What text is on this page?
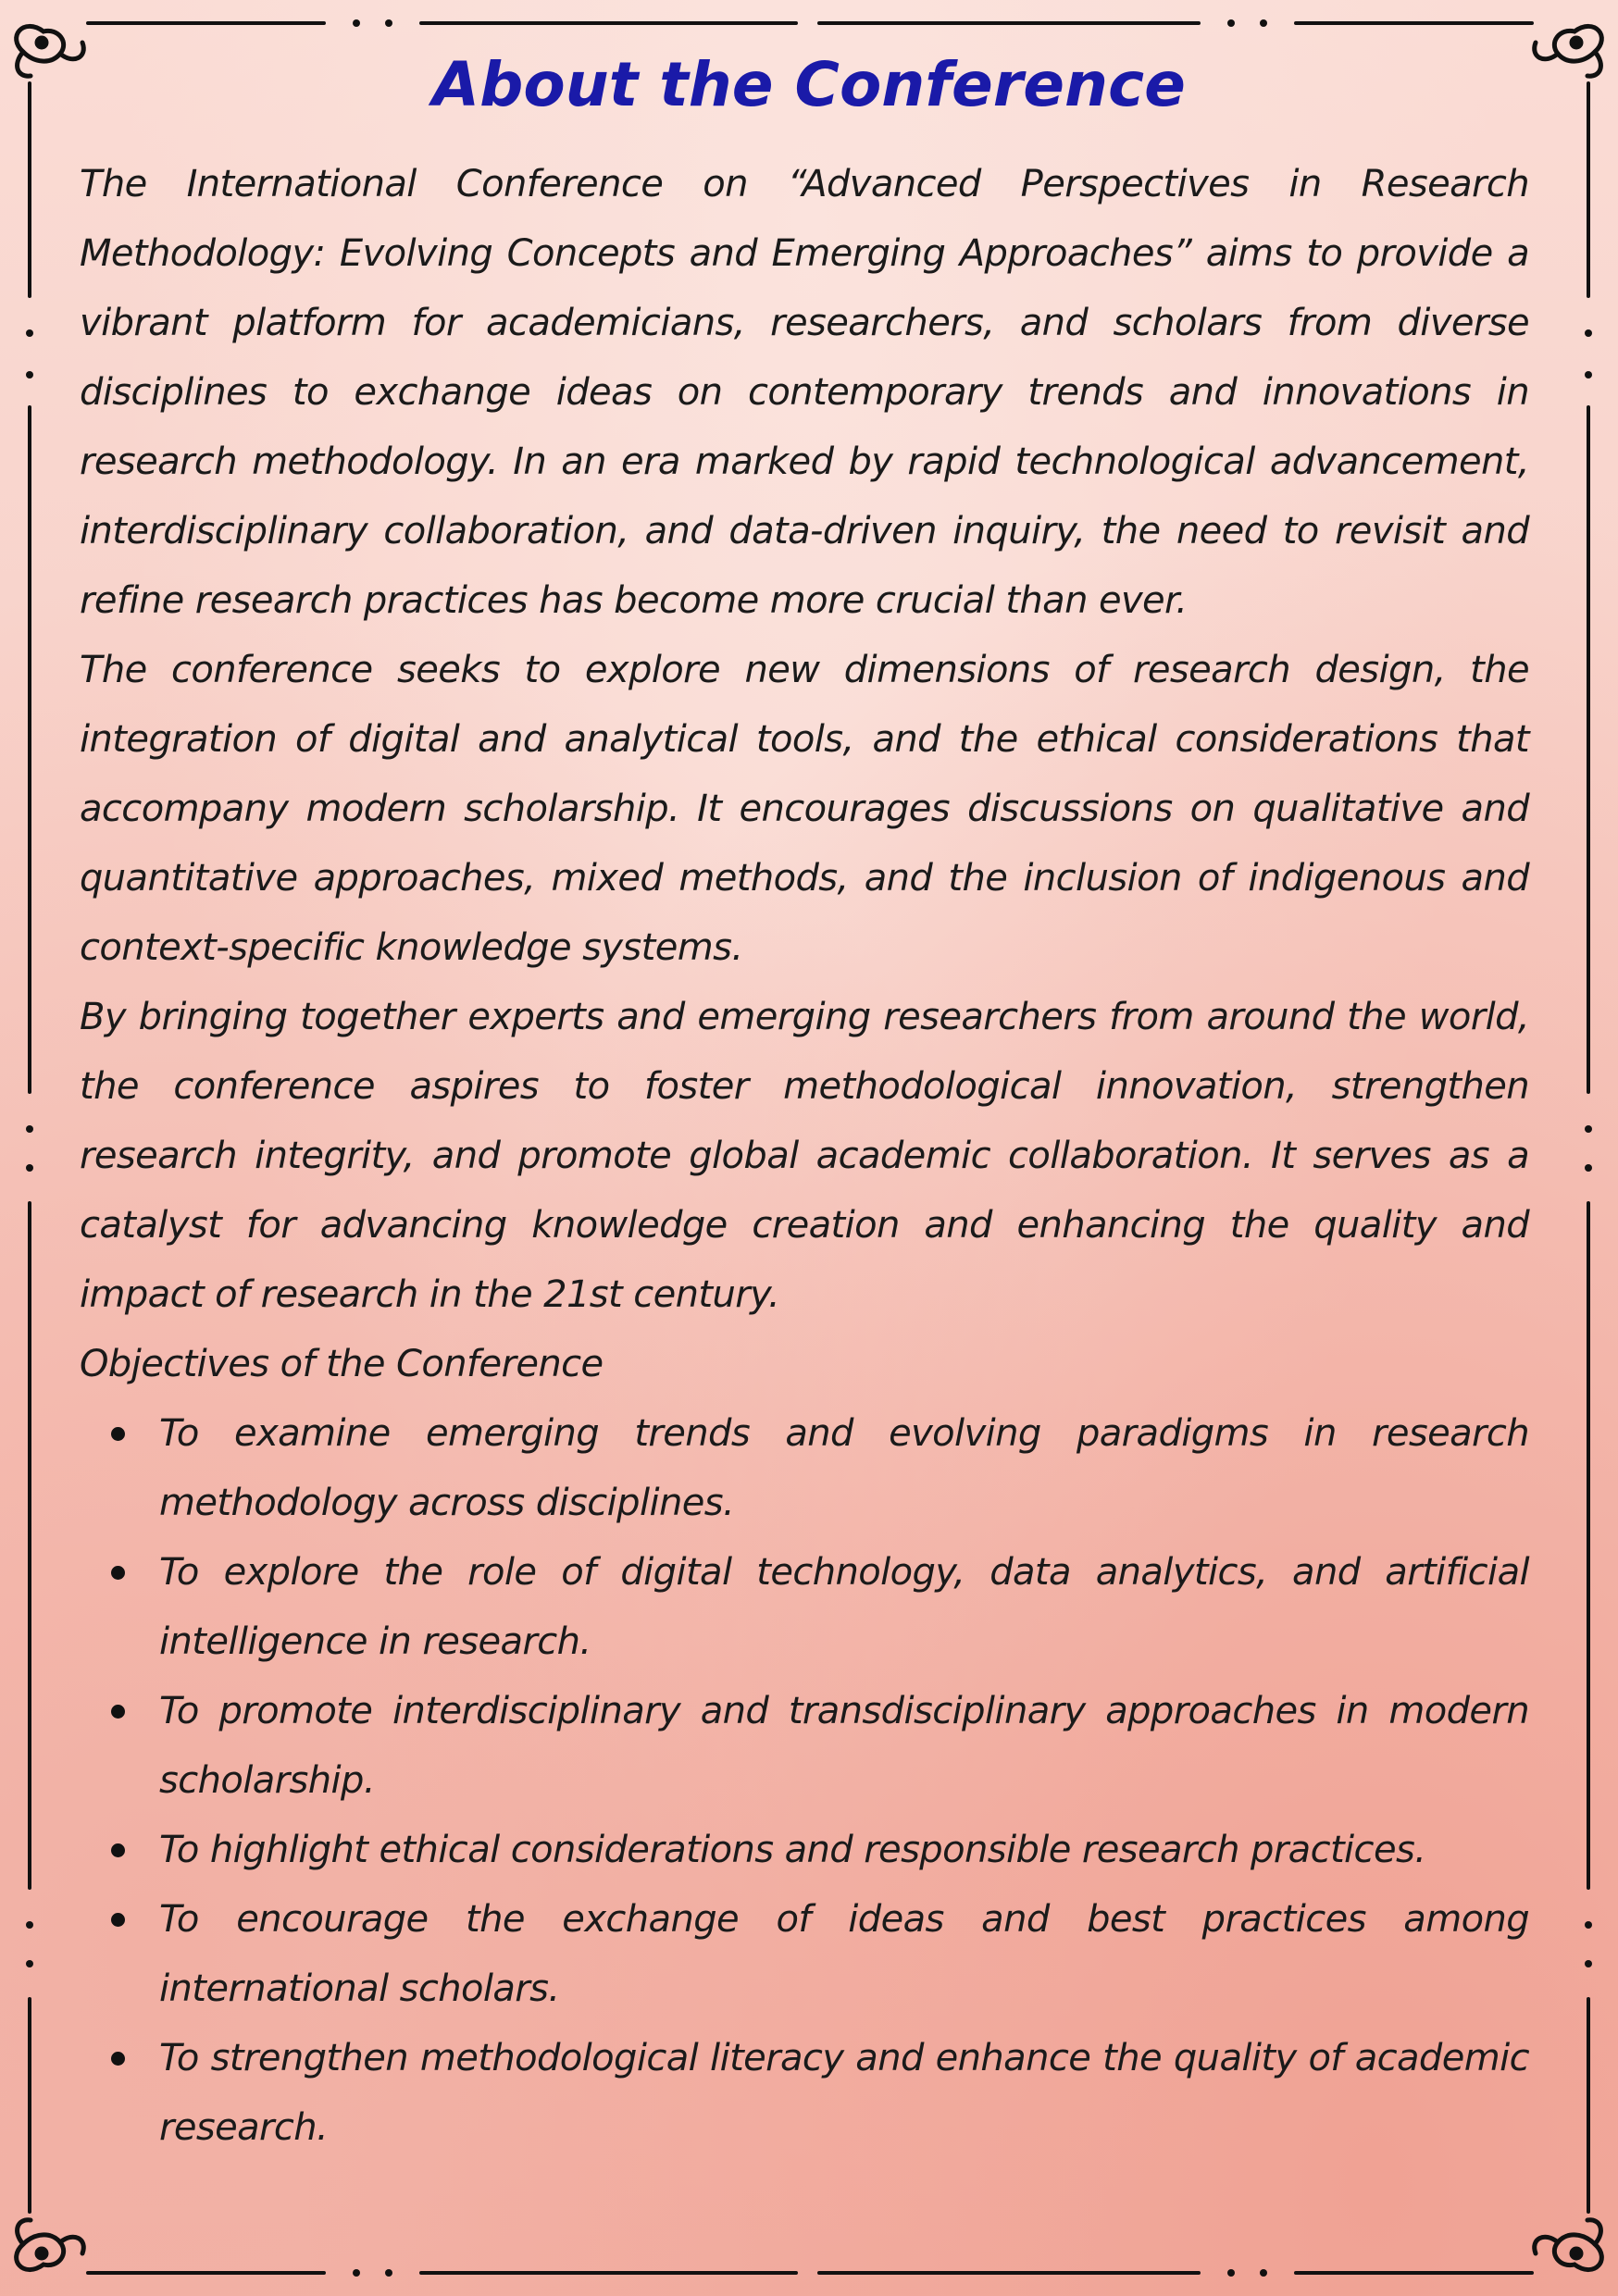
About the Conference

The International Conference on “Advanced Perspectives in Research Methodology: Evolving Concepts and Emerging Approaches” aims to provide a vibrant platform for academicians, researchers, and scholars from diverse disciplines to exchange ideas on contemporary trends and innovations in research methodology. In an era marked by rapid technological advancement, interdisciplinary collaboration, and data-driven inquiry, the need to revisit and refine research practices has become more crucial than ever.

The conference seeks to explore new dimensions of research design, the integration of digital and analytical tools, and the ethical considerations that accompany modern scholarship. It encourages discussions on qualitative and quantitative approaches, mixed methods, and the inclusion of indigenous and context-specific knowledge systems.

By bringing together experts and emerging researchers from around the world, the conference aspires to foster methodological innovation, strengthen research integrity, and promote global academic collaboration. It serves as a catalyst for advancing knowledge creation and enhancing the quality and impact of research in the 21st century.

Objectives of the Conference

To examine emerging trends and evolving paradigms in research methodology across disciplines.
To explore the role of digital technology, data analytics, and artificial intelligence in research.
To promote interdisciplinary and transdisciplinary approaches in modern scholarship.
To highlight ethical considerations and responsible research practices.
To encourage the exchange of ideas and best practices among international scholars.
To strengthen methodological literacy and enhance the quality of academic research.
